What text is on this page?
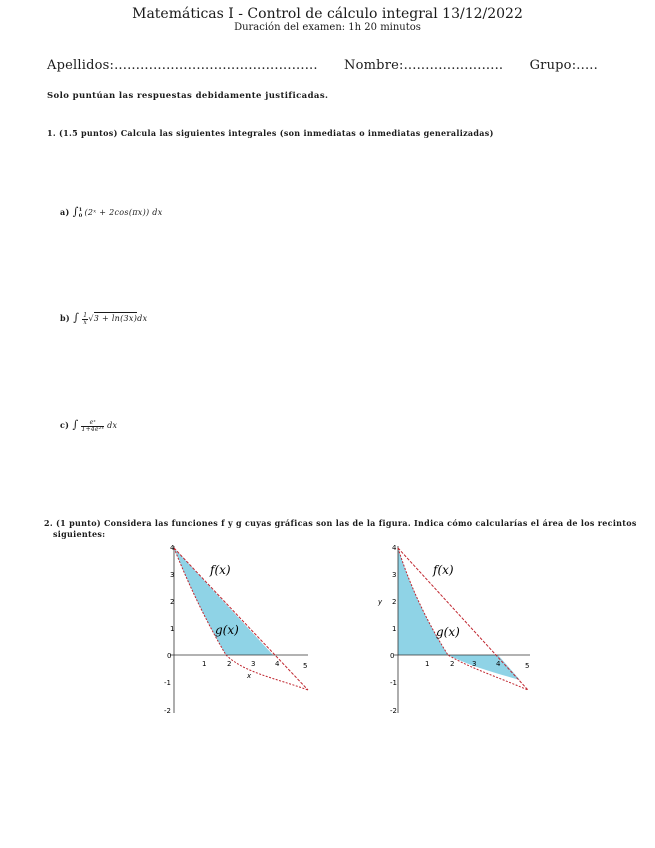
Matemáticas I - Control de cálculo integral 13/12/2022
Duración del examen: 1h 20 minutos
Apellidos:............................................... Nombre:....................... Grupo:.....
Solo puntúan las respuestas debidamente justificadas.
1. (1.5 puntos) Calcula las siguientes integrales (son inmediatas o inmediatas generalizadas)
a) ∫ 1
0 (2ˣ + 2cos(πx)) dx
b) ∫ $\frac{1}{x} √3 + \ln(3x)dx$
c) ∫ $\frac{\text{eˣ}}{\text{1+4e²ˣ}}$ dx
2. (1 punto) Considera las funciones f y g cuyas gráficas son las de la figura. Indica cómo calcularías el área de los recintos
siguientes:
1	2	3	4	5
4
3
2
1
0
-1
-2
x
f(x)
g(x)
1	2	3	4	5
4
3
2
1
0
-1
-2
y
f(x)
g(x)
